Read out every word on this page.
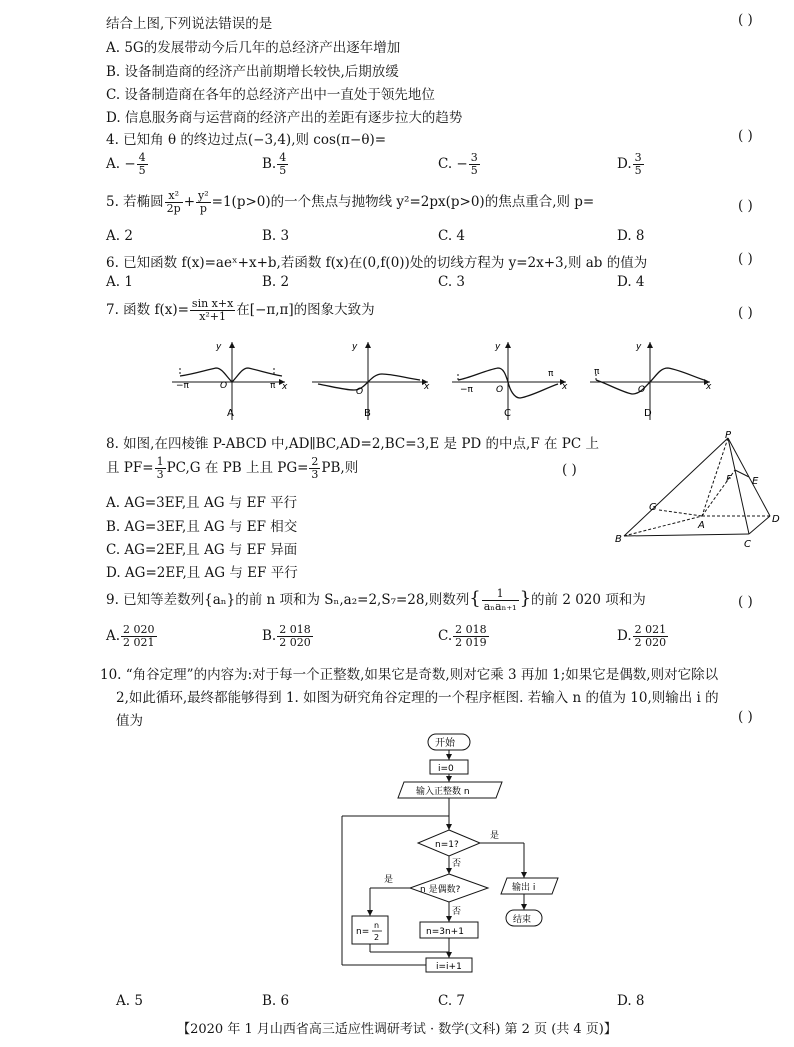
结合上图,下列说法错误的是	( )
A. 5G的发展带动今后几年的总经济产出逐年增加
B. 设备制造商的经济产出前期增长较快,后期放缓
C. 设备制造商在各年的总经济产出中一直处于领先地位
D. 信息服务商与运营商的经济产出的差距有逐步拉大的趋势
4. 已知角 θ 的终边过点(−3,4),则 cos(π−θ)=	( )
A. − $\frac{4}{5}$	B. $\frac{4}{5}$	C. − $\frac{3}{5}$	D. $\frac{3}{5}$
5. 若椭圆 $\frac{\text{x²}}{2p} + \frac{\text{y²}}{p} =1(p>0)$的一个焦点与抛物线 y²=2px(p>0)的焦点重合,则 p=	( )
A. 2	B. 3	C. 4	D. 8
6. 已知函数 f(x)=aeˣ+x+b,若函数 f(x)在(0,f(0))处的切线方程为 y=2x+3,则 ab 的值为	( )
A. 1	B. 2	C. 3	D. 4
7. 函数 $f(x)= \frac{\text{sin x+x}}{\text{x²+1}}$ 在[−π,π]的图象大致为	( )
−π	O	π x
y
A
O	x
y
B
−π	O
π
x
y
C
π
O	x
y
D
8. 如图,在四棱锥 P-ABCD 中,AD∥BC,AD=2,BC=3,E 是 PD 的中点,F 在 PC 上
且 $PF= \frac{1}{3} PC,G$ 在 PB 上且 $PG= \frac{2}{3}$ PB,则	( )
A. AG=3EF,且 AG 与 EF 平行
B. AG=3EF,且 AG 与 EF 相交
C. AG=2EF,且 AG 与 EF 异面
D. AG=2EF,且 AG 与 EF 平行
P
F E
G
A
D
B	C
9. 已知等差数列{aₙ}的前 n 项和为 Sₙ,a₂=2,S₇=28,则数列{ $\frac{1}{\text{aₙaₙ₊₁}}$ }的前 2 020 项和为	( )
A. $\frac{2 020}{2 021}$	B. $\frac{2 018}{2 020}$	C. $\frac{2 018}{2 019}$	D. $\frac{2 021}{2 020}$
10. “角谷定理”的内容为:对于每一个正整数,如果它是奇数,则对它乘 3 再加 1;如果它是偶数,则对它除以
2,如此循环,最终都能够得到 1. 如图为研究角谷定理的一个程序框图. 若输入 n 的值为 10,则输出 i 的
值为	( )
开始
i=0
输入正整数 n
n=1?
是
否
n 是偶数?
是
否
n=
n
2
n=3n+1
i=i+1
输出 i
结束
A. 5	B. 6	C. 7	D. 8
【2020 年 1 月山西省高三适应性调研考试 · 数学(文科) 第 2 页 (共 4 页)】
